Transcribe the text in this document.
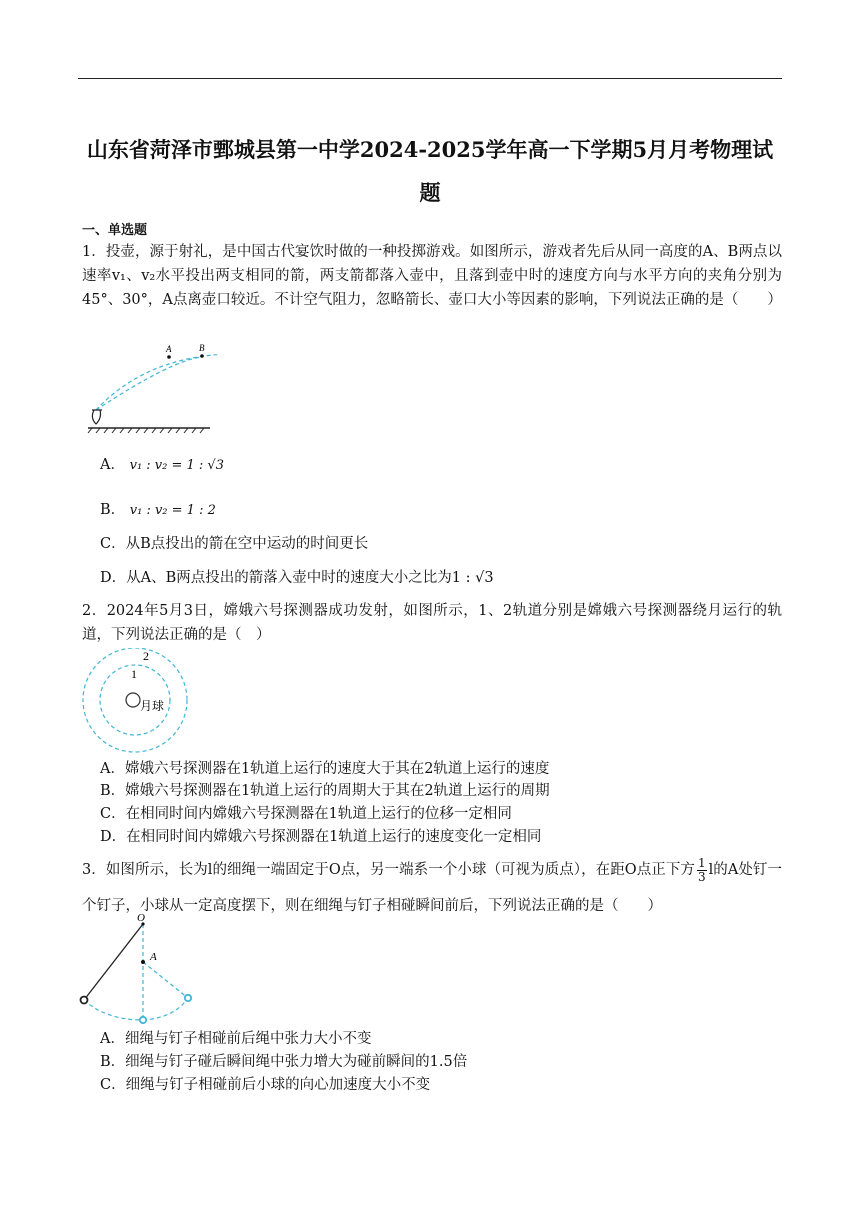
山东省菏泽市鄄城县第一中学2024-2025学年高一下学期5月月考物理试题
一、单选题
1．投壶，源于射礼，是中国古代宴饮时做的一种投掷游戏。如图所示，游戏者先后从同一高度的A、B两点以速率v₁、v₂水平投出两支相同的箭，两支箭都落入壶中，且落到壶中时的速度方向与水平方向的夹角分别为45°、30°，A点离壶口较近。不计空气阻力，忽略箭长、壶口大小等因素的影响，下列说法正确的是（　　）
A	B
A． v₁ : v₂ = 1 : √3
B． v₁ : v₂ = 1 : 2
C．从B点投出的箭在空中运动的时间更长
D．从A、B两点投出的箭落入壶中时的速度大小之比为1 : √3
2．2024年5月3日，嫦娥六号探测器成功发射，如图所示，1、2轨道分别是嫦娥六号探测器绕月运行的轨道，下列说法正确的是（　）
2
1
月球
A．嫦娥六号探测器在1轨道上运行的速度大于其在2轨道上运行的速度
B．嫦娥六号探测器在1轨道上运行的周期大于其在2轨道上运行的周期
C．在相同时间内嫦娥六号探测器在1轨道上运行的位移一定相同
D．在相同时间内嫦娥六号探测器在1轨道上运行的速度变化一定相同
3．如图所示，长为l的细绳一端固定于O点，另一端系一个小球（可视为质点），在距O点正下方 $\frac{1}{3}$ l的A处钉一个钉子，小球从一定高度摆下，则在细绳与钉子相碰瞬间前后，下列说法正确的是（　　）
O
A
A．细绳与钉子相碰前后绳中张力大小不变
B．细绳与钉子碰后瞬间绳中张力增大为碰前瞬间的1.5倍
C．细绳与钉子相碰前后小球的向心加速度大小不变
